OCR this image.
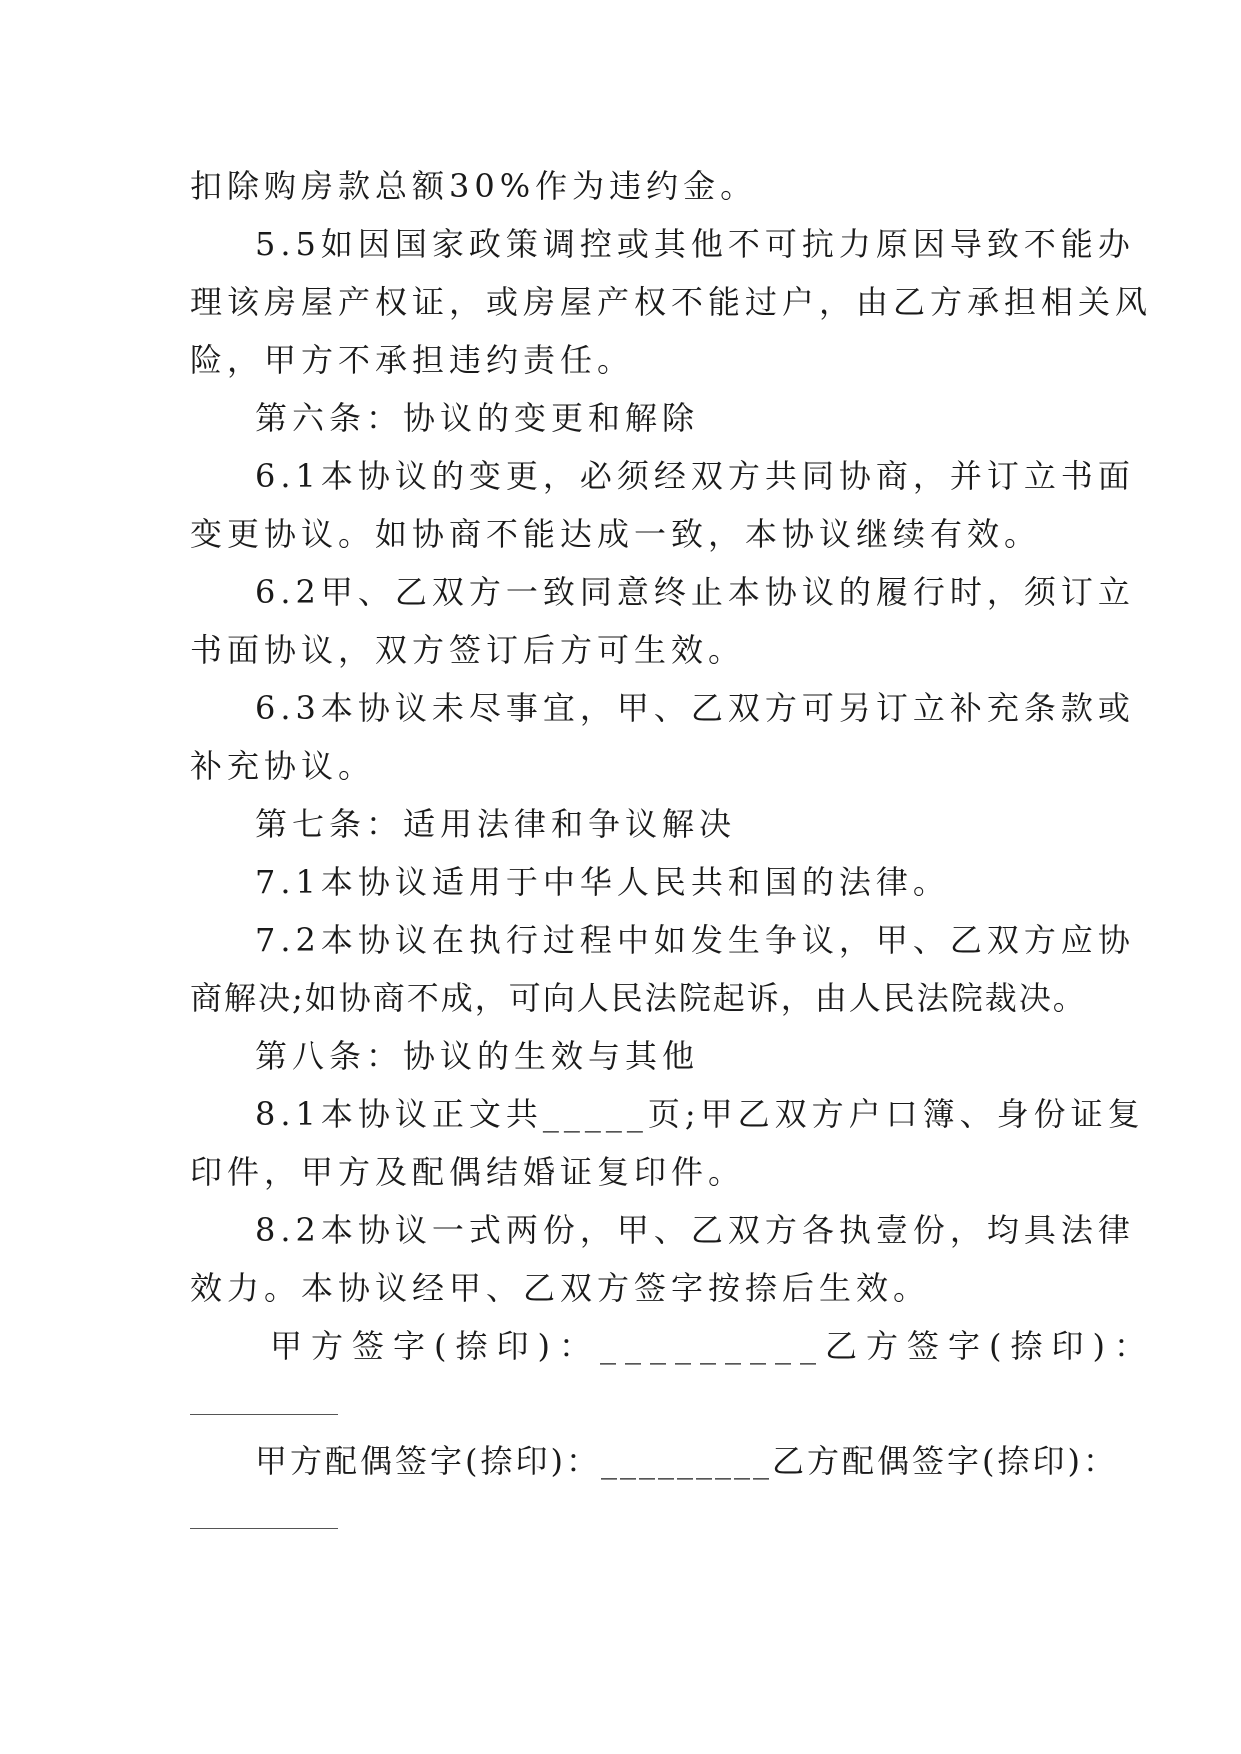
扣除购房款总额30%作为违约金。
5.5如因国家政策调控或其他不可抗力原因导致不能办
理该房屋产权证，或房屋产权不能过户，由乙方承担相关风
险，甲方不承担违约责任。
第六条：协议的变更和解除
6.1本协议的变更，必须经双方共同协商，并订立书面
变更协议。如协商不能达成一致，本协议继续有效。
6.2甲、乙双方一致同意终止本协议的履行时，须订立
书面协议，双方签订后方可生效。
6.3本协议未尽事宜，甲、乙双方可另订立补充条款或
补充协议。
第七条：适用法律和争议解决
7.1本协议适用于中华人民共和国的法律。
7.2本协议在执行过程中如发生争议，甲、乙双方应协
商解决;如协商不成，可向人民法院起诉，由人民法院裁决。
第八条：协议的生效与其他
8.1本协议正文共_____页;甲乙双方户口簿、身份证复
印件，甲方及配偶结婚证复印件。
8.2本协议一式两份，甲、乙双方各执壹份，均具法律
效力。本协议经甲、乙双方签字按捺后生效。
甲方签字(捺印)：_________乙方签字(捺印)：
甲方配偶签字(捺印)：_________乙方配偶签字(捺印)：
